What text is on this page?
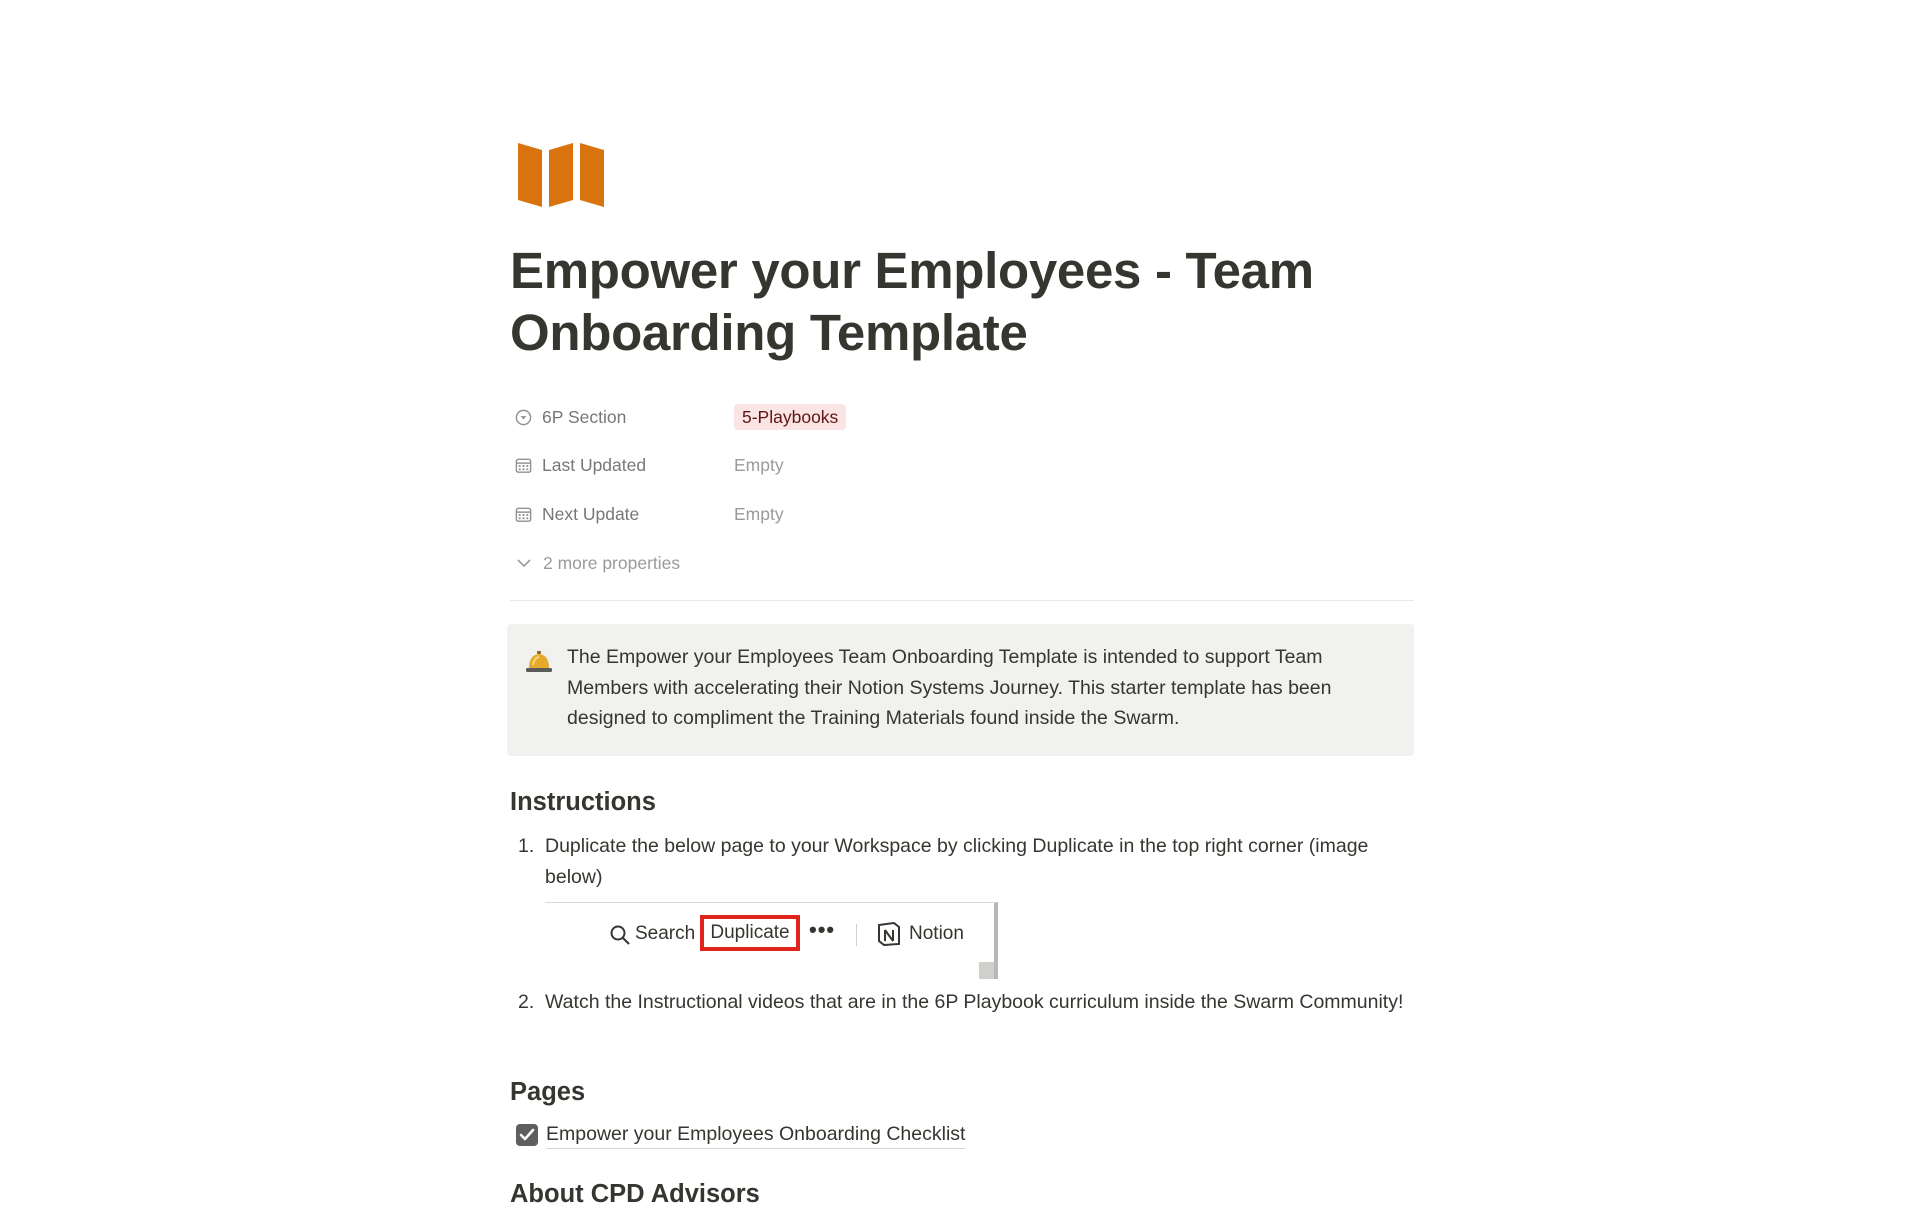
Empower your Employees - Team Onboarding Template
6P Section	5-Playbooks
Last Updated	Empty
Next Update	Empty
2 more properties
The Empower your Employees Team Onboarding Template is intended to support Team Members with accelerating their Notion Systems Journey. This starter template has been designed to compliment the Training Materials found inside the Swarm.
Instructions
1. Duplicate the below page to your Workspace by clicking Duplicate in the top right corner (image below)
Search Duplicate •••	Notion
2. Watch the Instructional videos that are in the 6P Playbook curriculum inside the Swarm Community!
Pages
Empower your Employees Onboarding Checklist
About CPD Advisors
